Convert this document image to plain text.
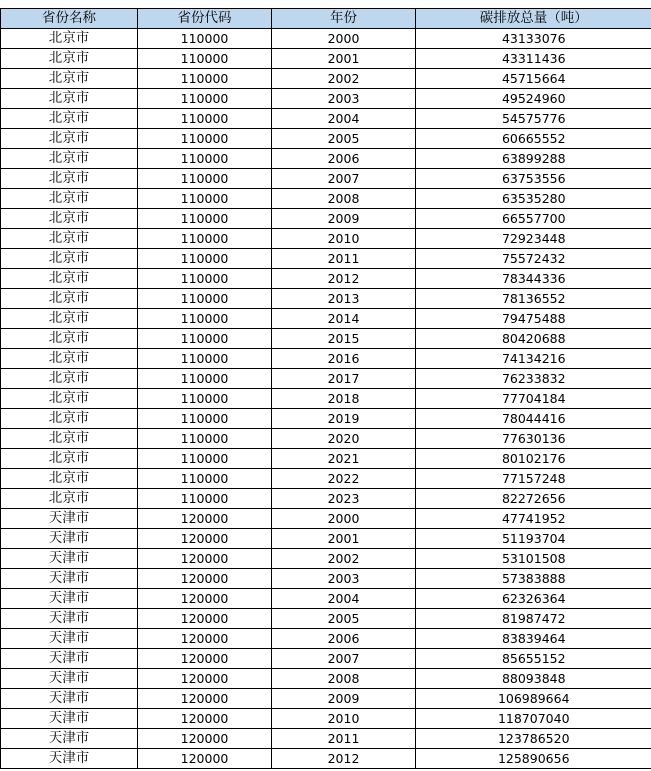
省份名称	省份代码	年份	碳排放总量（吨）
北京市	110000	2000	43133076
北京市	110000	2001	43311436
北京市	110000	2002	45715664
北京市	110000	2003	49524960
北京市	110000	2004	54575776
北京市	110000	2005	60665552
北京市	110000	2006	63899288
北京市	110000	2007	63753556
北京市	110000	2008	63535280
北京市	110000	2009	66557700
北京市	110000	2010	72923448
北京市	110000	2011	75572432
北京市	110000	2012	78344336
北京市	110000	2013	78136552
北京市	110000	2014	79475488
北京市	110000	2015	80420688
北京市	110000	2016	74134216
北京市	110000	2017	76233832
北京市	110000	2018	77704184
北京市	110000	2019	78044416
北京市	110000	2020	77630136
北京市	110000	2021	80102176
北京市	110000	2022	77157248
北京市	110000	2023	82272656
天津市	120000	2000	47741952
天津市	120000	2001	51193704
天津市	120000	2002	53101508
天津市	120000	2003	57383888
天津市	120000	2004	62326364
天津市	120000	2005	81987472
天津市	120000	2006	83839464
天津市	120000	2007	85655152
天津市	120000	2008	88093848
天津市	120000	2009	106989664
天津市	120000	2010	118707040
天津市	120000	2011	123786520
天津市	120000	2012	125890656
